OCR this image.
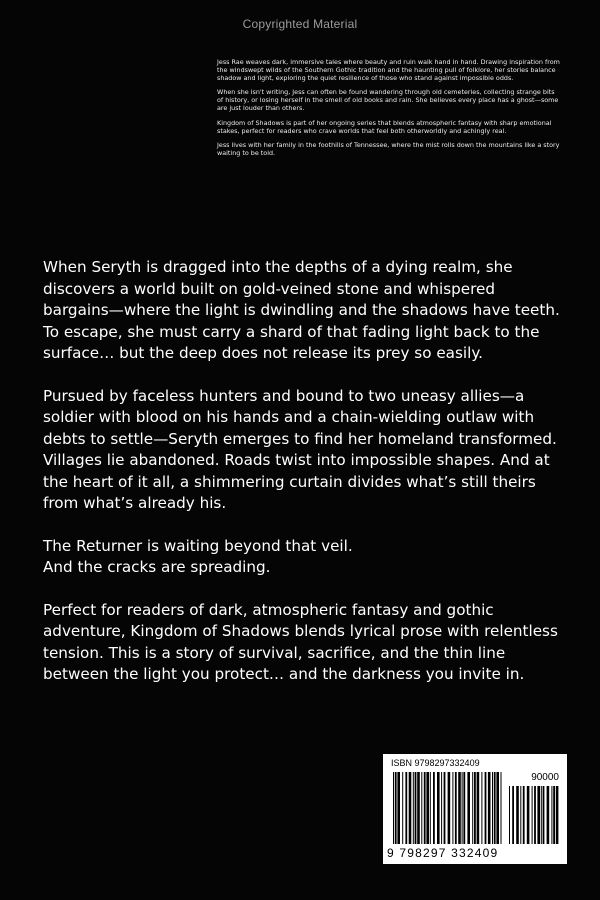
Copyrighted Material

Jess Rae weaves dark, immersive tales where beauty and ruin walk hand in hand. Drawing inspiration from the windswept wilds of the Southern Gothic tradition and the haunting pull of folklore, her stories balance shadow and light, exploring the quiet resilience of those who stand against impossible odds.

When she isn't writing, Jess can often be found wandering through old cemeteries, collecting strange bits of history, or losing herself in the smell of old books and rain. She believes every place has a ghost—some are just louder than others.

Kingdom of Shadows is part of her ongoing series that blends atmospheric fantasy with sharp emotional stakes, perfect for readers who crave worlds that feel both otherworldly and achingly real.

Jess lives with her family in the foothills of Tennessee, where the mist rolls down the mountains like a story waiting to be told.

When Seryth is dragged into the depths of a dying realm, she discovers a world built on gold-veined stone and whispered bargains—where the light is dwindling and the shadows have teeth. To escape, she must carry a shard of that fading light back to the surface… but the deep does not release its prey so easily.

Pursued by faceless hunters and bound to two uneasy allies—a soldier with blood on his hands and a chain-wielding outlaw with debts to settle—Seryth emerges to find her homeland transformed. Villages lie abandoned. Roads twist into impossible shapes. And at the heart of it all, a shimmering curtain divides what’s still theirs from what’s already his.

The Returner is waiting beyond that veil.
And the cracks are spreading.

Perfect for readers of dark, atmospheric fantasy and gothic adventure, Kingdom of Shadows blends lyrical prose with relentless tension. This is a story of survival, sacrifice, and the thin line between the light you protect… and the darkness you invite in.

ISBN 9798297332409
90000
9 798297 332409
